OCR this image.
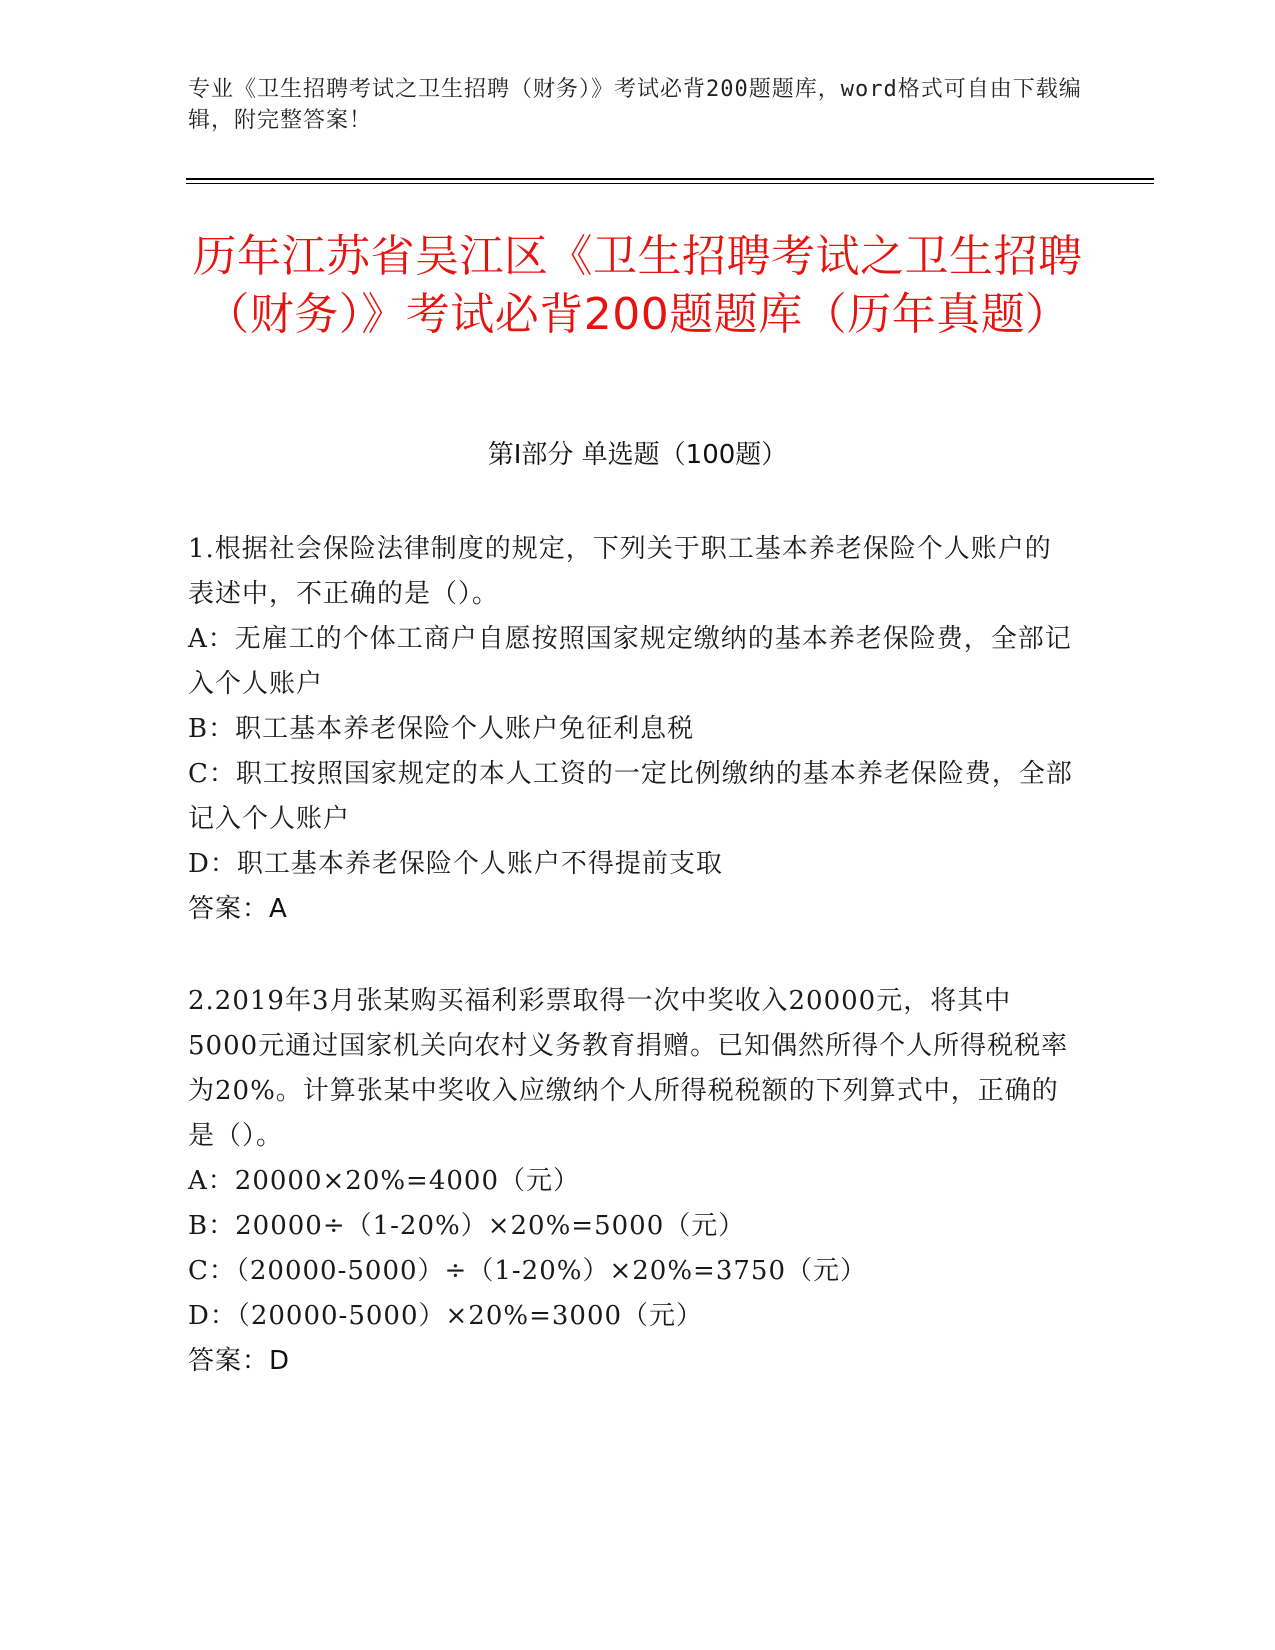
专业《卫生招聘考试之卫生招聘（财务）》考试必背200题题库，word格式可自由下载编辑，附完整答案！
历年江苏省吴江区《卫生招聘考试之卫生招聘（财务）》考试必背200题题库（历年真题）
第Ⅰ部分 单选题（100题）
1.根据社会保险法律制度的规定，下列关于职工基本养老保险个人账户的表述中，不正确的是（）。
A：无雇工的个体工商户自愿按照国家规定缴纳的基本养老保险费，全部记入个人账户
B：职工基本养老保险个人账户免征利息税
C：职工按照国家规定的本人工资的一定比例缴纳的基本养老保险费，全部记入个人账户
D：职工基本养老保险个人账户不得提前支取
答案：A
2.2019年3月张某购买福利彩票取得一次中奖收入20000元，将其中5000元通过国家机关向农村义务教育捐赠。已知偶然所得个人所得税税率为20%。计算张某中奖收入应缴纳个人所得税税额的下列算式中，正确的是（）。
A：20000×20%=4000（元）
B：20000÷（1-20%）×20%=5000（元）
C：（20000-5000）÷（1-20%）×20%=3750（元）
D：（20000-5000）×20%=3000（元）
答案：D
